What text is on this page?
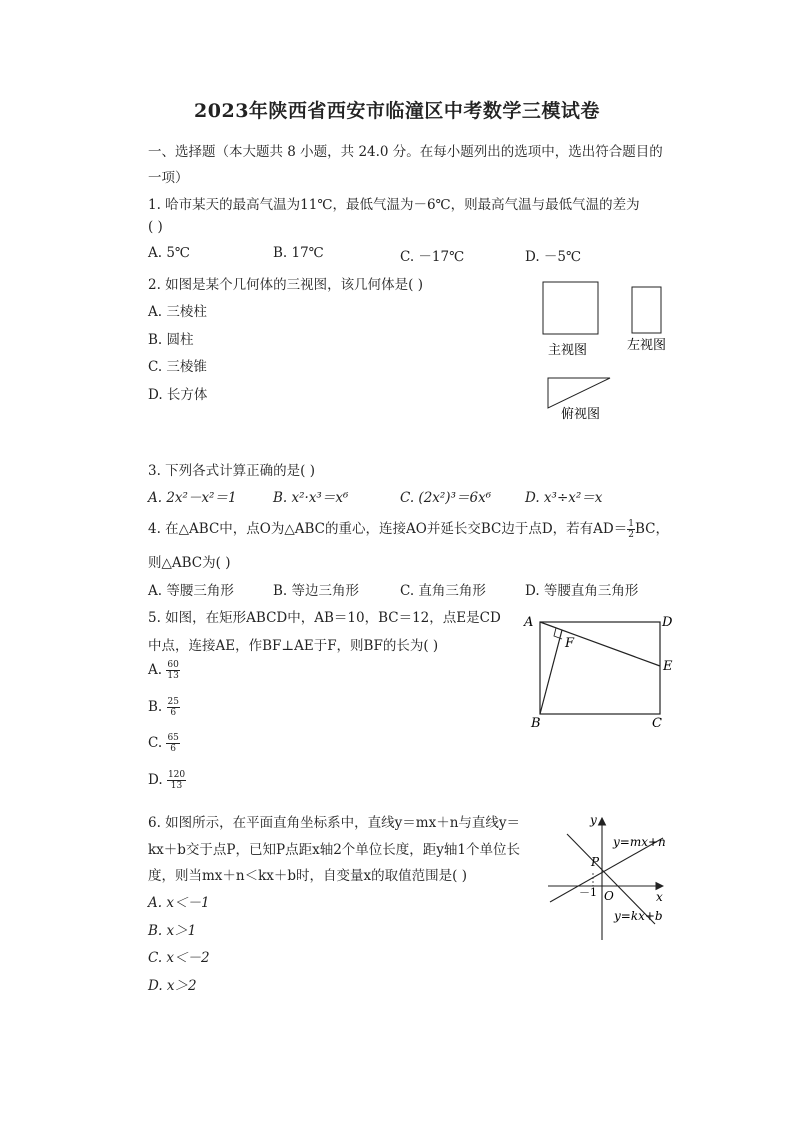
2023年陕西省西安市临潼区中考数学三模试卷
一、选择题（本大题共 8 小题，共 24.0 分。在每小题列出的选项中，选出符合题目的
一项）
1. 哈市某天的最高气温为11℃，最低气温为－6℃，则最高气温与最低气温的差为
( )
A. 5℃	B. 17℃	C. －17℃	D. －5℃
2. 如图是某个几何体的三视图，该几何体是( )
A. 三棱柱
B. 圆柱
C. 三棱锥
D. 长方体
主视图	左视图
俯视图
3. 下列各式计算正确的是( )
A. 2x²－x²＝1	B. x²·x³＝x⁶	C. (2x²)³＝6x⁶	D. x³÷x²＝x
4. 在△ABC中，点O为△ABC的重心，连接AO并延长交BC边于点D，若有$AD= \frac{1}{2}$ BC，
则△ABC为( )
A. 等腰三角形	B. 等边三角形	C. 直角三角形	D. 等腰直角三角形
5. 如图，在矩形ABCD中，AB＝10，BC＝12，点E是CD
中点，连接AE，作BF⊥AE于F，则BF的长为( )
A. $\frac{60}{13}$
B. $\frac{25}{6}$
C. $\frac{65}{6}$
D. $\frac{120}{13}$
A	D
E
F
B	C
6. 如图所示，在平面直角坐标系中，直线y＝mx＋n与直线y＝
kx＋b交于点P，已知P点距x轴2个单位长度，距y轴1个单位长
度，则当mx＋n＜kx＋b时，自变量x的取值范围是( )
A. x＜－1
B. x＞1
C. x＜－2
D. x＞2
y
x
O
P
－1
y=mx+n
y=kx+b
